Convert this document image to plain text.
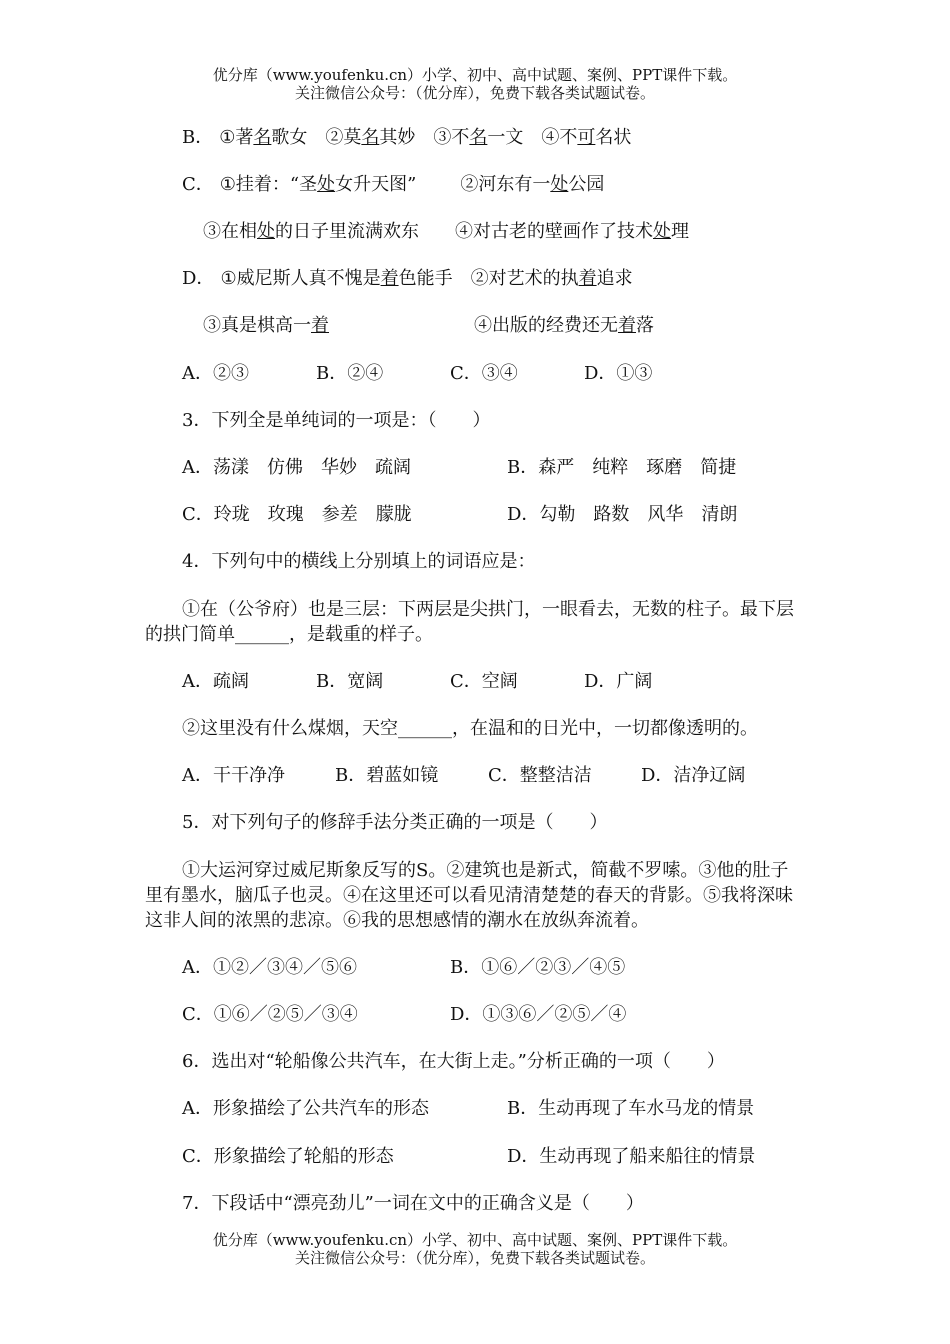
优分库（www.youfenku.cn）小学、初中、高中试题、案例、PPT课件下载。
关注微信公众号：（优分库），免费下载各类试题试卷。
B． ①著名歌女 ②莫名其妙 ③不名一文 ④不可名状
C． ①挂着：“圣处女升天图” ②河东有一处公园
③在相处的日子里流满欢东 ④对古老的壁画作了技术处理
D． ①威尼斯人真不愧是着色能手 ②对艺术的执着追求
③真是棋高一着	④出版的经费还无着落
A．②③	B．②④	C．③④	D．①③
3．下列全是单纯词的一项是：（　　）
A．荡漾　仿佛　华妙　疏阔	B．森严　纯粹　琢磨　简捷
C．玲珑　玫瑰　参差　朦胧	D．勾勒　路数　风华　清朗
4．下列句中的横线上分别填上的词语应是：
①在（公爷府）也是三层：下两层是尖拱门，一眼看去，无数的柱子。最下层的拱门简单______，是载重的样子。
A．疏阔	B．宽阔	C．空阔	D．广阔
②这里没有什么煤烟，天空______，在温和的日光中，一切都像透明的。
A．干干净净	B．碧蓝如镜	C．整整洁洁	D．洁净辽阔
5．对下列句子的修辞手法分类正确的一项是（　　）
①大运河穿过威尼斯象反写的S。②建筑也是新式，简截不罗嗦。③他的肚子里有墨水，脑瓜子也灵。④在这里还可以看见清清楚楚的春天的背影。⑤我将深味这非人间的浓黑的悲凉。⑥我的思想感情的潮水在放纵奔流着。
A．①②／③④／⑤⑥	B．①⑥／②③／④⑤
C．①⑥／②⑤／③④	D．①③⑥／②⑤／④
6．选出对“轮船像公共汽车，在大街上走。”分析正确的一项（　　）
A．形象描绘了公共汽车的形态	B．生动再现了车水马龙的情景
C．形象描绘了轮船的形态	D．生动再现了船来船往的情景
7．下段话中“漂亮劲儿”一词在文中的正确含义是（　　）
优分库（www.youfenku.cn）小学、初中、高中试题、案例、PPT课件下载。
关注微信公众号：（优分库），免费下载各类试题试卷。
